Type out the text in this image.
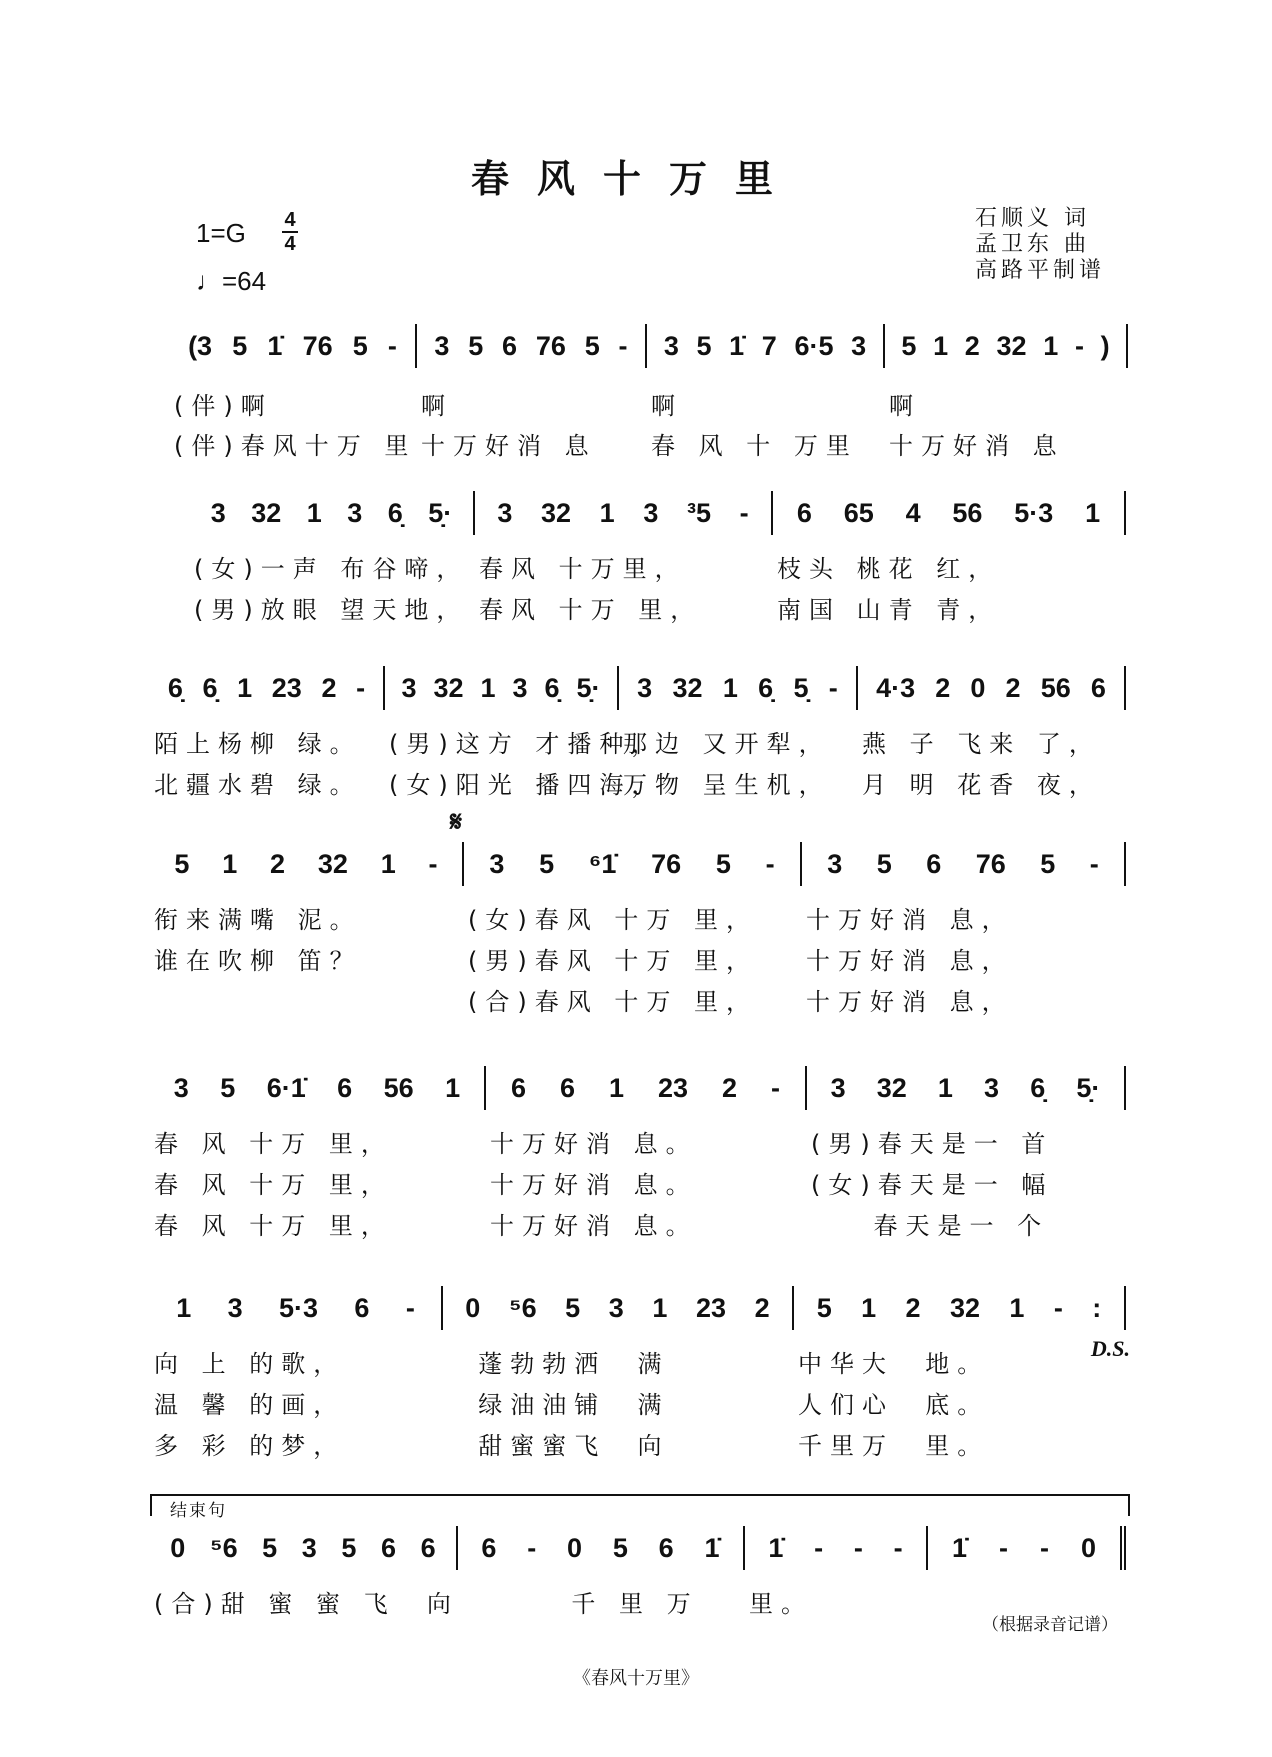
春风十万里
1=G 4
4
♩=64
石顺义 词
孟卫东 曲
高路平制谱
𝄋
结束句
(3 5 1̇ 76 5 -
(伴)啊
(伴)春风十万 里
3 5 6 76 5 -
啊
十万好消 息
3 5 1̇ 7 6·5 3
啊
春 风 十 万里
5 1 2 32 1 - )
啊
十万好消 息
3 32 1 3 6̣ 5̣·
(女)一声 布谷啼，
(男)放眼 望天地，
3 32 1 3 ³5 -
春风 十万里，
春风 十万 里，
6 65 4 56 5·3 1
枝头 桃花 红，
南国 山青 青，
6̣ 6̣ 1 23 2 -
陌上杨柳 绿。
北疆水碧 绿。
3 32 1 3 6̣ 5̣·
(男)这方 才播种，
(女)阳光 播四海，
3 32 1 6̣ 5̣ -
那边 又开犁，
万物 呈生机，
4·3 2 0 2 56 6
燕 子 飞来 了，
月 明 花香 夜，
5 1 2 32 1 -
衔来满嘴 泥。
谁在吹柳 笛？
3 5 ⁶1̇ 76 5 -
(女)春风 十万 里，
(男)春风 十万 里，
(合)春风 十万 里，
3 5 6 76 5 -
十万好消 息，
十万好消 息，
十万好消 息，
3 5 6·1̇ 6 56 1
春 风 十万 里，
春 风 十万 里，
春 风 十万 里，
6 6 1 23 2 -
十万好消 息。
十万好消 息。
十万好消 息。
3 32 1 3 6̣ 5̣·
(男)春天是一 首
(女)春天是一 幅
春天是一 个
1 3 5·3 6 -
向 上 的歌，
温 馨 的画，
多 彩 的梦，
0 ⁵6 5 3 1 23 2
蓬勃勃洒  满
绿油油铺  满
甜蜜蜜飞  向
5 1 2 32 1 - :
中华大  地。
人们心  底。
千里万  里。
D.S.
0 ⁵6 5 3 5 6 6
(合)甜 蜜 蜜 飞  向
6 - 0 5 6 1̇
千 里 万
1̇ - - -
里。
1̇ - - 0
（根据录音记谱）
《春风十万里》
